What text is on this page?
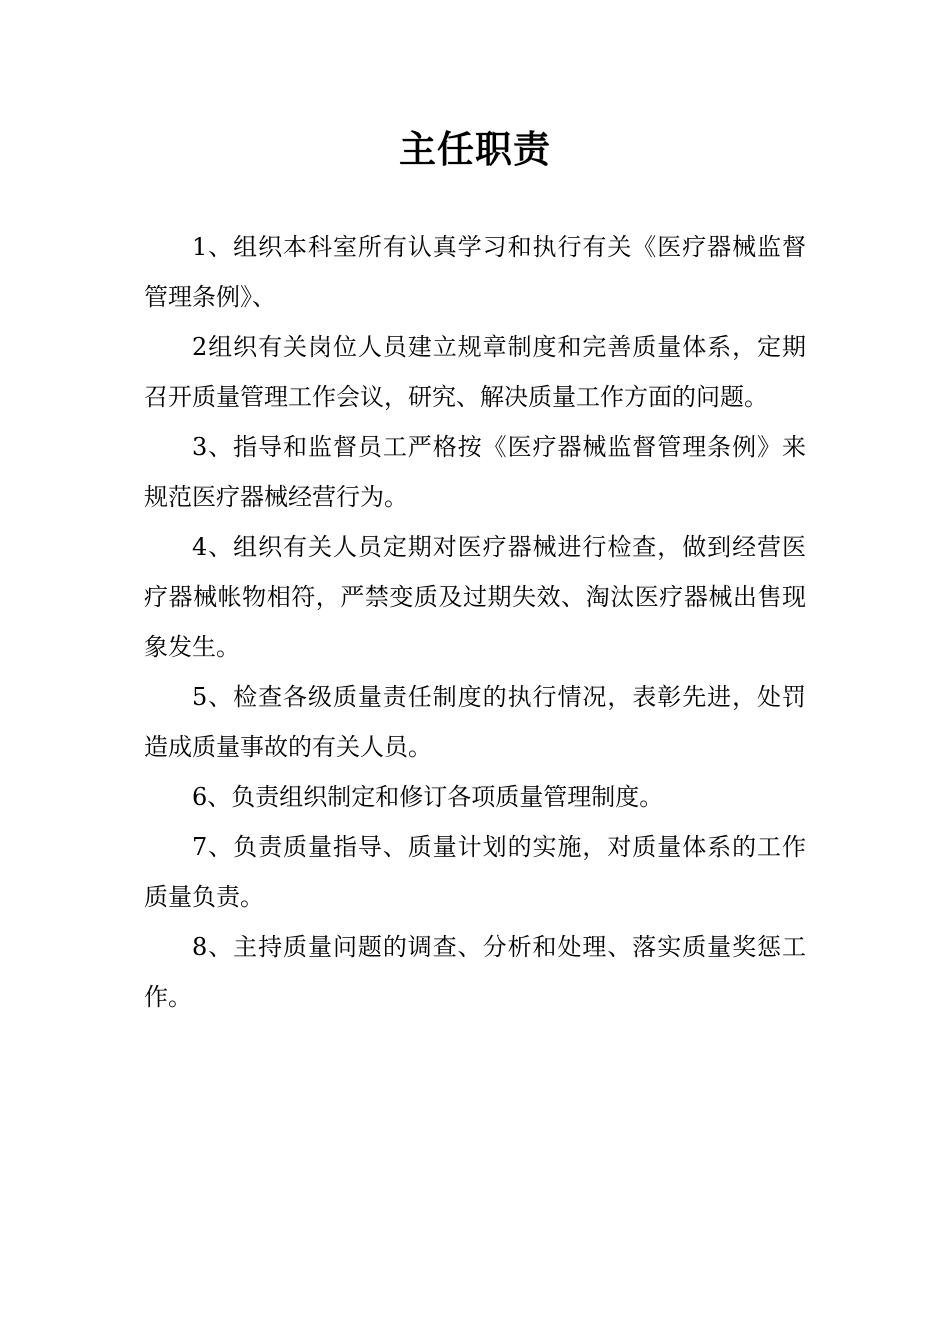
主任职责

1、组织本科室所有认真学习和执行有关《医疗器械监督管理条例》、

2组织有关岗位人员建立规章制度和完善质量体系，定期召开质量管理工作会议，研究、解决质量工作方面的问题。

3、指导和监督员工严格按《医疗器械监督管理条例》来规范医疗器械经营行为。

4、组织有关人员定期对医疗器械进行检查，做到经营医疗器械帐物相符，严禁变质及过期失效、淘汰医疗器械出售现象发生。

5、检查各级质量责任制度的执行情况，表彰先进，处罚造成质量事故的有关人员。

6、负责组织制定和修订各项质量管理制度。

7、负责质量指导、质量计划的实施，对质量体系的工作质量负责。

8、主持质量问题的调查、分析和处理、落实质量奖惩工作。
